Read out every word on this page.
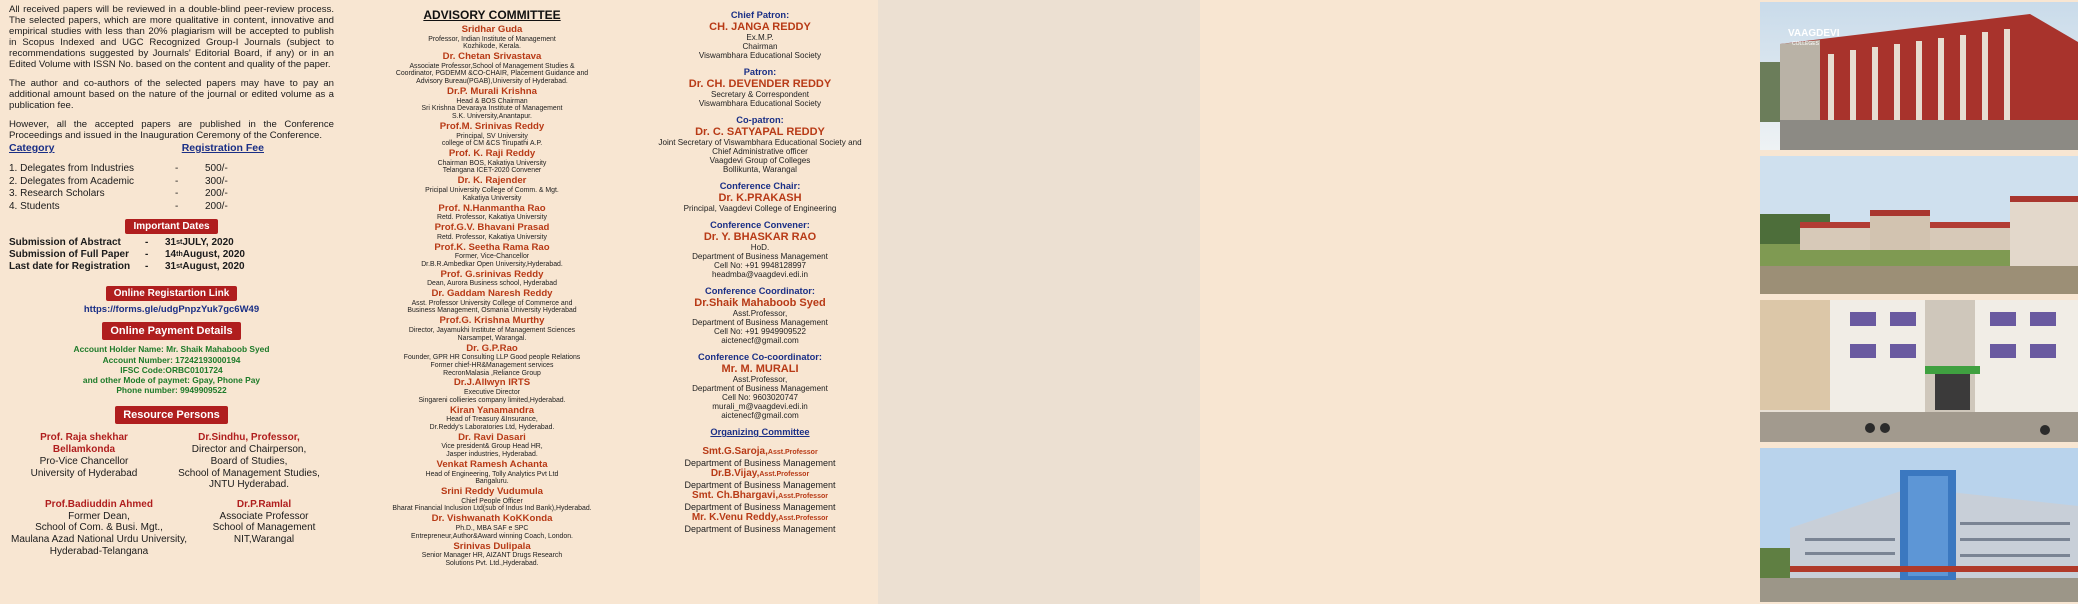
All received papers will be reviewed in a double-blind peer-review process. The selected papers, which are more qualitative in content, innovative and empirical studies with less than 20% plagiarism will be accepted to publish in Scopus Indexed and UGC Recognized Group-I Journals (subject to recommendations suggested by Journals' Editorial Board, if any) or in an Edited Volume with ISSN No. based on the content and quality of the paper.

The author and co-authors of the selected papers may have to pay an additional amount based on the nature of the journal or edited volume as a publication fee.

However, all the accepted papers are published in the Conference Proceedings and issued in the Inauguration Ceremony of the Conference.

Category	Registration Fee
1. Delegates from Industries	-	500/-
2. Delegates from Academic	-	300/-
3. Research Scholars	-	200/-
4. Students	-	200/-
Important Dates
Submission of Abstract	-	31 st JULY, 2020
Submission of Full Paper	-	14 th August, 2020
Last date for Registration	-	31 st August, 2020
Online Registartion Link
https://forms.gle/udgPnpzYuk7gc6W49
Online Payment Details
Account Holder Name: Mr. Shaik Mahaboob Syed
Account Number: 17242193000194
IFSC Code:ORBC0101724
and other Mode of paymet: Gpay, Phone Pay
Phone number: 9949909522
Resource Persons
Prof. Raja shekhar Bellamkonda
Pro-Vice Chancellor
University of Hyderabad
Dr.Sindhu, Professor,
Director and Chairperson,
Board of Studies,
School of Management Studies,
JNTU Hyderabad.
Prof.Badiuddin Ahmed
Former Dean,
School of Com. & Busi. Mgt.,
Maulana Azad National Urdu University,
Hyderabad-Telangana
Dr.P.Ramlal
Associate Professor
School of Management
NIT,Warangal
ADVISORY COMMITTEE
Sridhar Guda
Professor, Indian Institute of Management
Kozhikode, Kerala.
Dr. Chetan Srivastava
Associate Professor,School of Management Studies &
Coordinator, PGDEMM &CO-CHAIR, Placement Guidance and
Advisory Bureau(PGAB),University of Hyderabad.
Dr.P. Murali Krishna
Head & BOS Chairman
Sri Krishna Devaraya Institute of Management
S.K. University,Anantapur.
Prof.M. Srinivas Reddy
Principal, SV University
college of CM &CS Tirupathi A.P.
Prof. K. Raji Reddy
Chairman BOS, Kakatiya University
Telangana ICET-2020 Convener
Dr. K. Rajender
Pricipal University College of Comm. & Mgt.
Kakatiya University
Prof. N.Hanmantha Rao
Retd. Professor, Kakatiya University
Prof.G.V. Bhavani Prasad
Retd. Professor, Kakatiya University
Prof.K. Seetha Rama Rao
Former, Vice-Chancellor
Dr.B.R.Ambedkar Open University,Hyderabad.
Prof. G.srinivas Reddy
Dean, Aurora Business school, Hyderabad
Dr. Gaddam Naresh Reddy
Asst. Professor University College of Commerce and
Business Management, Osmania University Hyderabad
Prof.G. Krishna Murthy
Director, Jayamukhi Institute of Management Sciences
Narsampet, Warangal.
Dr. G.P.Rao
Founder, GPR HR Consulting LLP Good people Relations
Former chief-HR&Management services
RecronMalasia ,Reliance Group
Dr.J.Allwyn IRTS
Executive Director
Singareni collieries company limited,Hyderabad.
Kiran Yanamandra
Head of Treasury &Insurance,
Dr.Reddy's Laboratories Ltd, Hyderabad.
Dr. Ravi Dasari
Vice president& Group Head HR,
Jasper industries, Hyderabad.
Venkat Ramesh Achanta
Head of Engineering, Tolly Analytics Pvt Ltd
Bangaluru.
Srini Reddy Vudumula
Chief People Officer
Bharat Financial Inclusion Ltd(sub of Indus Ind Bank),Hyderabad.
Dr. Vishwanath KoKKonda
Ph.D., MBA SAF e SPC
Entrepreneur,Author&Award winning Coach, London.
Srinivas Dulipala
Senior Manager HR, AIZANT Drugs Research
Solutions Pvt. Ltd.,Hyderabad.
Chief Patron:
CH. JANGA REDDY
Ex.M.P.
Chairman
Viswambhara Educational Society
Patron:
Dr. CH. DEVENDER REDDY
Secretary & Correspondent
Viswambhara Educational Society
Co-patron:
Dr. C. SATYAPAL REDDY
Joint Secretary of Viswambhara Educational Society and
Chief Administrative officer
Vaagdevi Group of Colleges
Bollikunta, Warangal
Conference Chair:
Dr. K.PRAKASH
Principal, Vaagdevi College of Engineering
Conference Convener:
Dr. Y. BHASKAR RAO
HoD.
Department of Business Management
Cell No: +91 9948128997
headmba@vaagdevi.edi.in
Conference Coordinator:
Dr.Shaik Mahaboob Syed
Asst.Professor,
Department of Business Management
Cell No: +91 9949909522
aictenecf@gmail.com
Conference Co-coordinator:
Mr. M. MURALI
Asst.Professor,
Department of Business Management
Cell No: 9603020747
murali_m@vaagdevi.edi.in
aictenecf@gmail.com
Organizing Committee
Smt.G.Saroja,Asst.Professor
Department of Business Management
Dr.B.Vijay,Asst.Professor
Department of Business Management
Smt. Ch.Bhargavi,Asst.Professor
Department of Business Management
Mr. K.Venu Reddy,Asst.Professor
Department of Business Management
VAAGDEVI
COLLEGES
